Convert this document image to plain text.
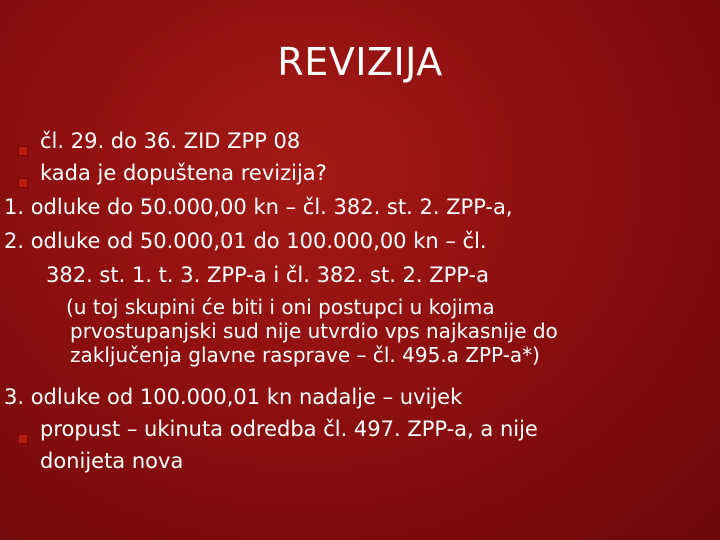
REVIZIJA
čl. 29. do 36. ZID ZPP 08
kada je dopuštena revizija?
1. odluke do 50.000,00 kn – čl. 382. st. 2. ZPP-a,
2. odluke od 50.000,01 do 100.000,00 kn – čl.
382. st. 1. t. 3. ZPP-a i čl. 382. st. 2. ZPP-a
(u toj skupini će biti i oni postupci u kojima
prvostupanjski sud nije utvrdio vps najkasnije do
zaključenja glavne rasprave – čl. 495.a ZPP-a*)
3. odluke od 100.000,01 kn nadalje – uvijek
propust – ukinuta odredba čl. 497. ZPP-a, a nije
donijeta nova
